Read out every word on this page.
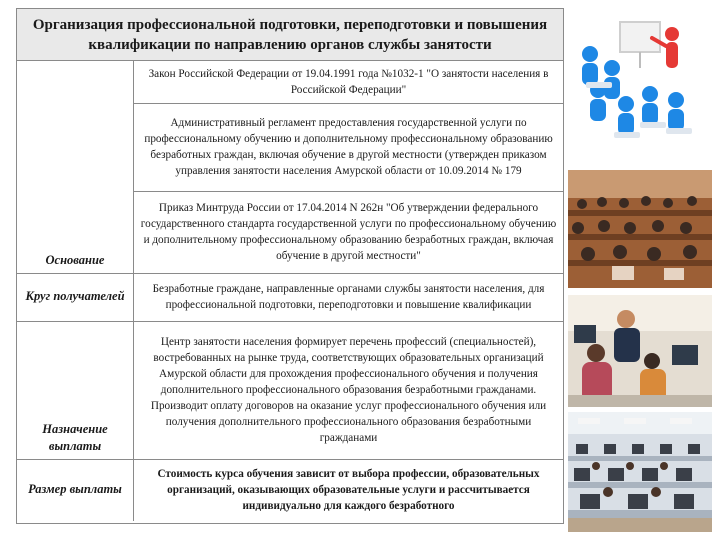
Организация профессиональной подготовки, переподготовки и повышения квалификации по направлению органов службы занятости
Основание	Закон Российской Федерации от 19.04.1991 года №1032-1 "О занятости населения в Российской Федерации"
	Административный регламент предоставления государственной услуги по профессиональному обучению и дополнительному профессиональному образованию безработных граждан, включая обучение в другой местности (утвержден приказом управления занятости населения Амурской области от 10.09.2014 № 179
	Приказ Минтруда России от 17.04.2014 N 262н "Об утверждении федерального государственного стандарта государственной услуги по профессиональному обучению и дополнительному профессиональному образованию безработных граждан, включая обучение в другой местности"
Круг получателей	Безработные граждане, направленные органами службы занятости населения, для профессиональной подготовки, переподготовки и повышение квалификации
Назначение выплаты	Центр занятости населения формирует перечень профессий (специальностей), востребованных на рынке труда, соответствующих образовательных организаций Амурской области для прохождения профессионального обучения и получения дополнительного профессионального образования безработными гражданами. Производит оплату договоров на оказание услуг профессионального обучения или получения дополнительного профессионального образования безработными гражданами
Размер выплаты	Стоимость курса обучения зависит от выбора профессии, образовательных организаций, оказывающих образовательные услуги и рассчитывается индивидуально для каждого безработного
